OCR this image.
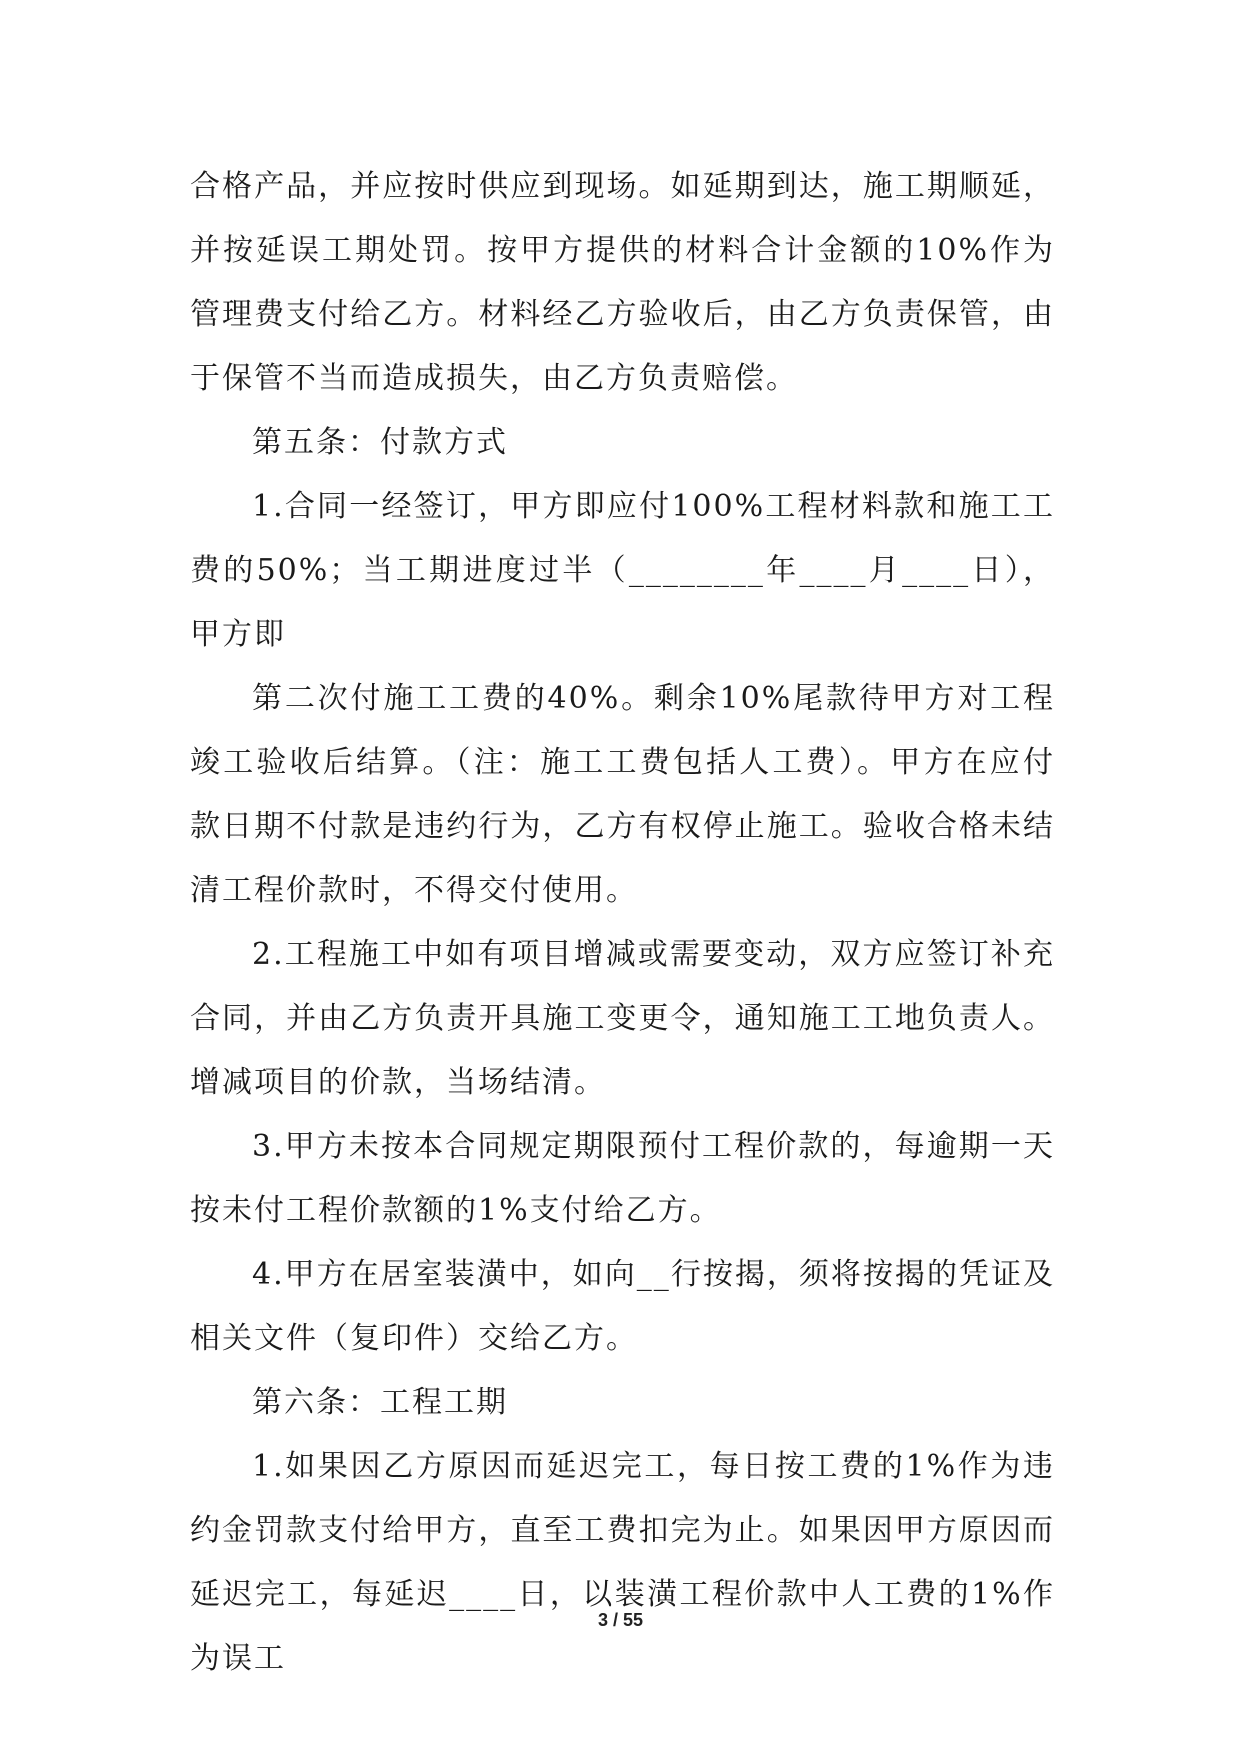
合格产品，并应按时供应到现场。如延期到达，施工期顺延，并按延误工期处罚。按甲方提供的材料合计金额的10%作为管理费支付给乙方。材料经乙方验收后，由乙方负责保管，由于保管不当而造成损失，由乙方负责赔偿。

第五条：付款方式

1.合同一经签订，甲方即应付100%工程材料款和施工工费的50%；当工期进度过半（________年____月____日），甲方即

第二次付施工工费的40%。剩余10%尾款待甲方对工程竣工验收后结算。（注：施工工费包括人工费）。甲方在应付款日期不付款是违约行为，乙方有权停止施工。验收合格未结清工程价款时，不得交付使用。

2.工程施工中如有项目增减或需要变动，双方应签订补充合同，并由乙方负责开具施工变更令，通知施工工地负责人。增减项目的价款，当场结清。

3.甲方未按本合同规定期限预付工程价款的，每逾期一天按未付工程价款额的1%支付给乙方。

4.甲方在居室装潢中，如向__行按揭，须将按揭的凭证及相关文件（复印件）交给乙方。

第六条：工程工期

1.如果因乙方原因而延迟完工，每日按工费的1%作为违约金罚款支付给甲方，直至工费扣完为止。如果因甲方原因而延迟完工，每延迟____日，以装潢工程价款中人工费的1%作为误工

3 / 55
